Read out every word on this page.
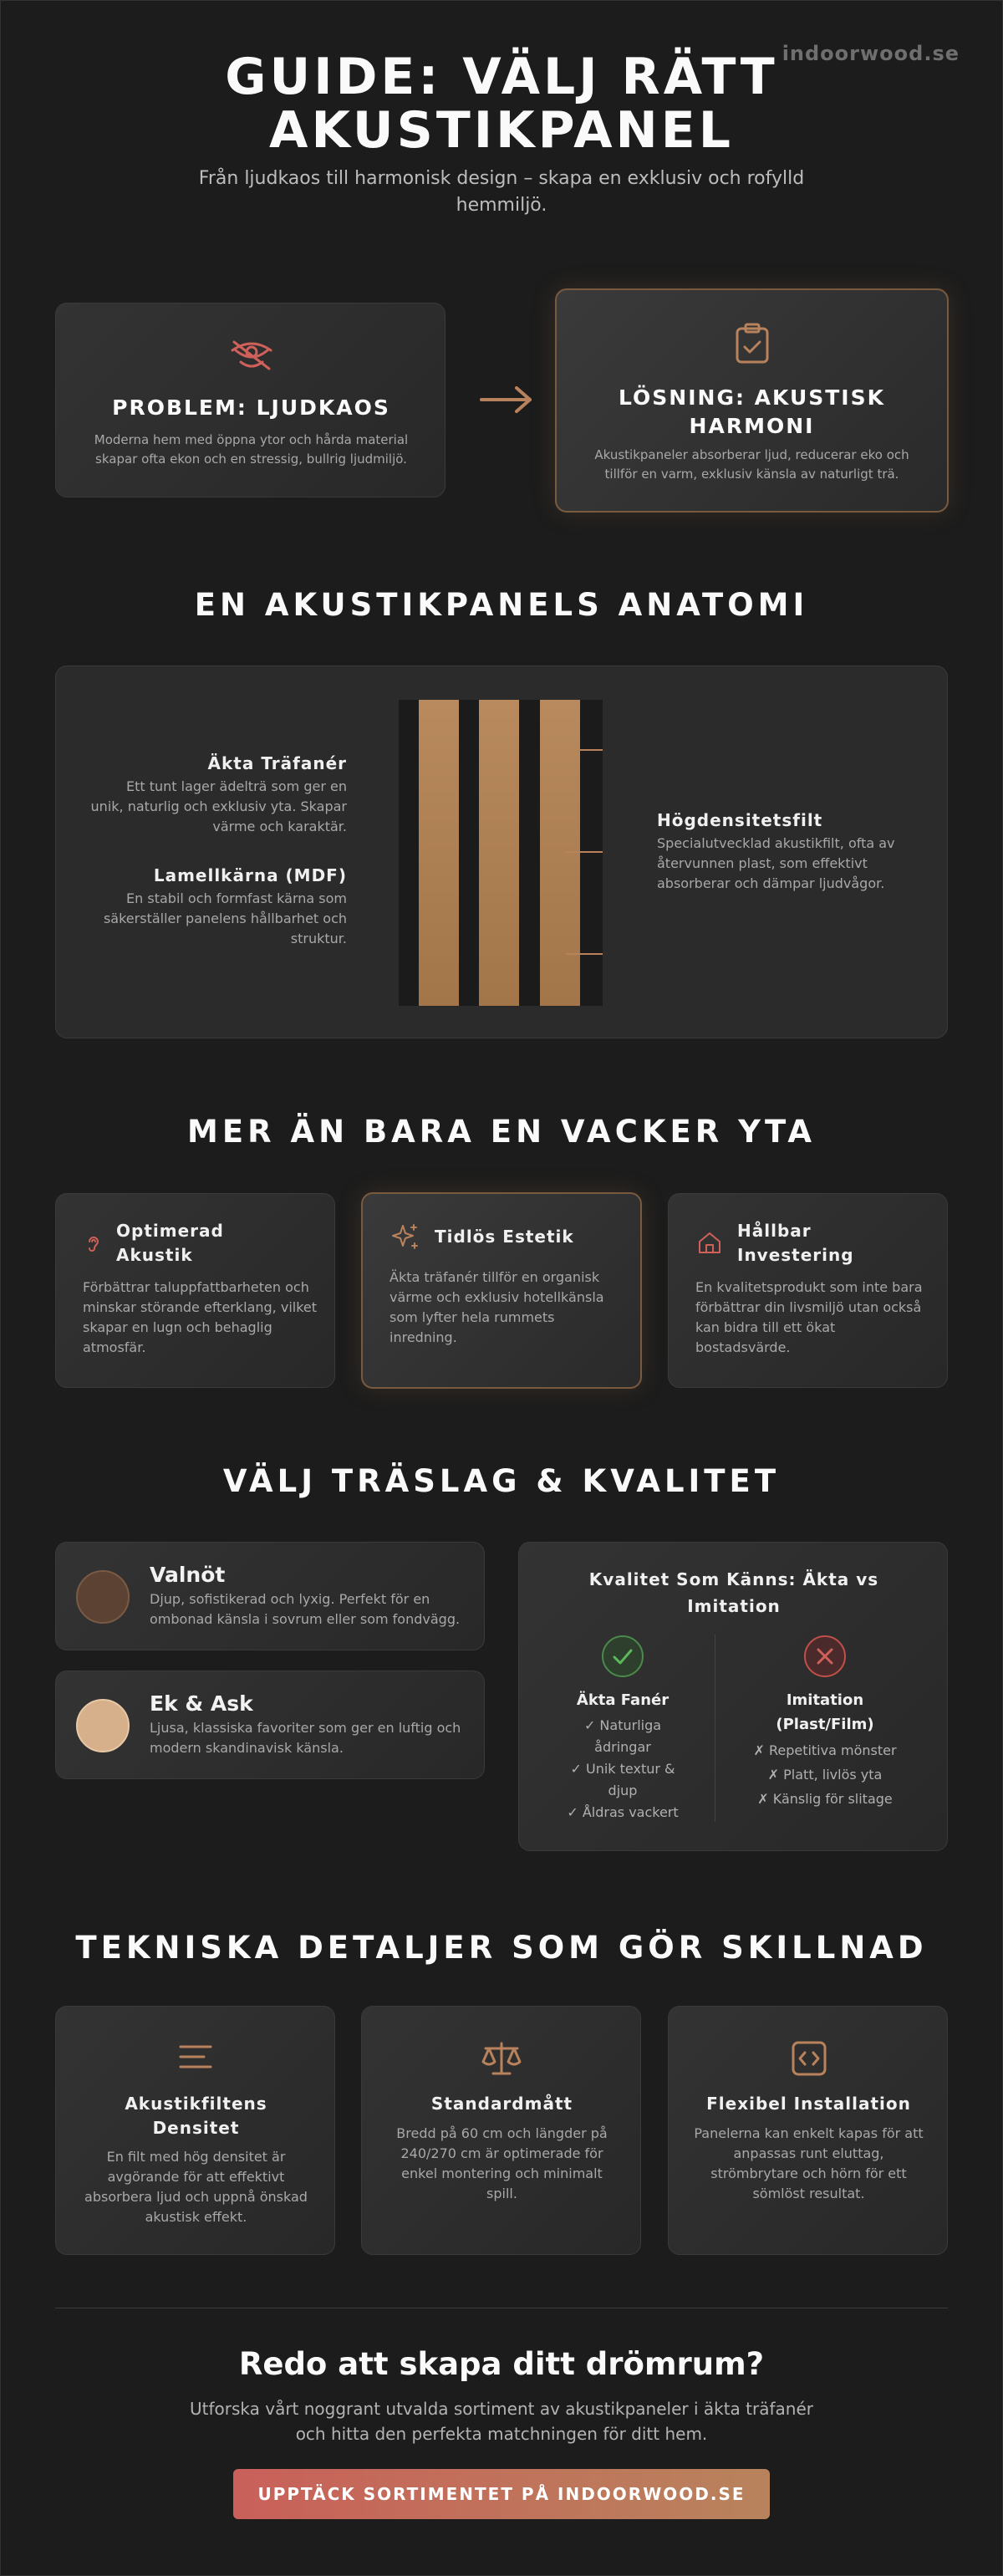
indoorwood.se
GUIDE: VÄLJ RÄTT
AKUSTIKPANEL

Från ljudkaos till harmonisk design – skapa en exklusiv och rofylld hemmiljö.

PROBLEM: LJUDKAOS
Moderna hem med öppna ytor och hårda material skapar ofta ekon och en stressig, bullrig ljudmiljö.
LÖSNING: AKUSTISK
HARMONI
Akustikpaneler absorberar ljud, reducerar eko och tillför en varm, exklusiv känsla av naturligt trä.
EN AKUSTIKPANELS ANATOMI
Äkta Träfanér
Ett tunt lager ädelträ som ger en unik, naturlig och exklusiv yta. Skapar värme och karaktär.
Lamellkärna (MDF)
En stabil och formfast kärna som säkerställer panelens hållbarhet och struktur.
Högdensitetsfilt
Specialutvecklad akustikfilt, ofta av återvunnen plast, som effektivt absorberar och dämpar ljudvågor.
MER ÄN BARA EN VACKER YTA
Optimerad
Akustik
Förbättrar taluppfattbarheten och minskar störande efterklang, vilket skapar en lugn och behaglig atmosfär.
Tidlös Estetik
Äkta träfanér tillför en organisk värme och exklusiv hotellkänsla som lyfter hela rummets inredning.
Hållbar
Investering
En kvalitetsprodukt som inte bara förbättrar din livsmiljö utan också kan bidra till ett ökat bostadsvärde.
VÄLJ TRÄSLAG & KVALITET
Valnöt
Djup, sofistikerad och lyxig. Perfekt för en ombonad känsla i sovrum eller som fondvägg.
Ek & Ask
Ljusa, klassiska favoriter som ger en luftig och modern skandinavisk känsla.
Kvalitet Som Känns: Äkta vs
Imitation
Äkta Fanér
✓ Naturliga ådringar
✓ Unik textur & djup
✓ Åldras vackert
Imitation
(Plast/Film)
✗ Repetitiva mönster
✗ Platt, livlös yta
✗ Känslig för slitage
TEKNISKA DETALJER SOM GÖR SKILLNAD
Akustikfiltens
Densitet
En filt med hög densitet är avgörande för att effektivt absorbera ljud och uppnå önskad akustisk effekt.
Standardmått
Bredd på 60 cm och längder på 240/270 cm är optimerade för enkel montering och minimalt spill.
Flexibel Installation
Panelerna kan enkelt kapas för att anpassas runt eluttag, strömbrytare och hörn för ett sömlöst resultat.
Redo att skapa ditt drömrum?
Utforska vårt noggrant utvalda sortiment av akustikpaneler i äkta träfanér och hitta den perfekta matchningen för ditt hem.
UPPTÄCK SORTIMENTET PÅ INDOORWOOD.SE
